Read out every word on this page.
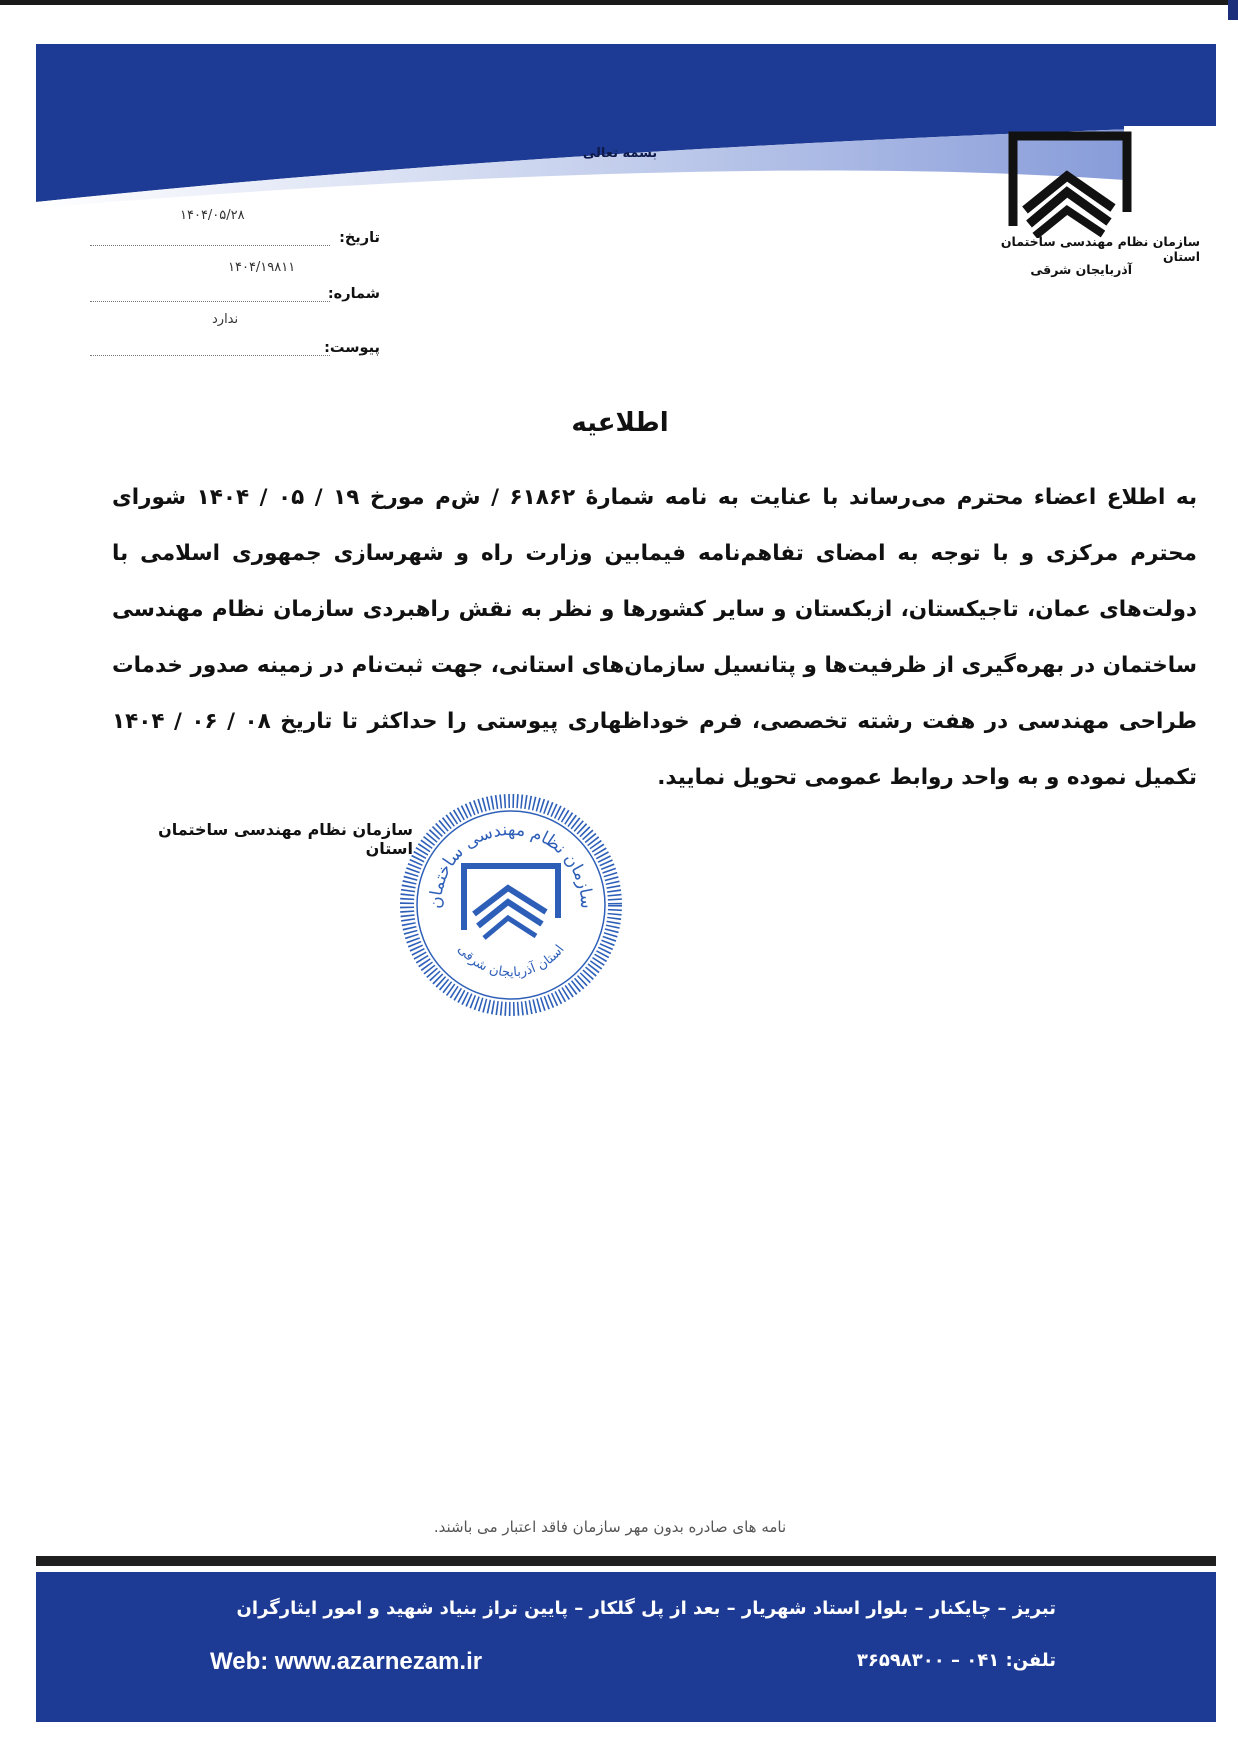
بسمه تعالی
سازمان نظام مهندسی ساختمان استان
آذربایجان شرقی
تاریخ:
۱۴۰۴/۰۵/۲۸
شماره:
۱۴۰۴/۱۹۸۱۱
پیوست:
ندارد
اطلاعیه
به اطلاع اعضاء محترم می‌رساند با عنایت به نامه شمارهٔ ۶۱۸۶۲ / ش‌م مورخ ۱۹ / ۰۵ / ۱۴۰۴ شورای محترم مرکزی و با توجه به امضای تفاهم‌نامه فیمابین وزارت راه و شهرسازی جمهوری اسلامی با دولت‌های عمان، تاجیکستان، ازبکستان و سایر کشورها و نظر به نقش راهبردی سازمان نظام مهندسی ساختمان در بهره‌گیری از ظرفیت‌ها و پتانسیل سازمان‌های استانی، جهت ثبت‌نام در زمینه صدور خدمات طراحی مهندسی در هفت رشته تخصصی، فرم خوداظهاری پیوستی را حداکثر تا تاریخ ۰۸ / ۰۶ / ۱۴۰۴ تکمیل نموده و به واحد روابط عمومی تحویل نمایید.
سازمان نظام مهندسی ساختمان استان
سازمان نظام مهندسی ساختمان
استان آذربایجان شرقی
نامه های صادره بدون مهر سازمان فاقد اعتبار می باشند.
تبریز – چایکنار – بلوار استاد شهریار – بعد از پل گلکار – پایین تراز بنیاد شهید و امور ایثارگران
تلفن: ۰۴۱ – ۳۶۵۹۸۳۰۰
Web: www.azarnezam.ir
